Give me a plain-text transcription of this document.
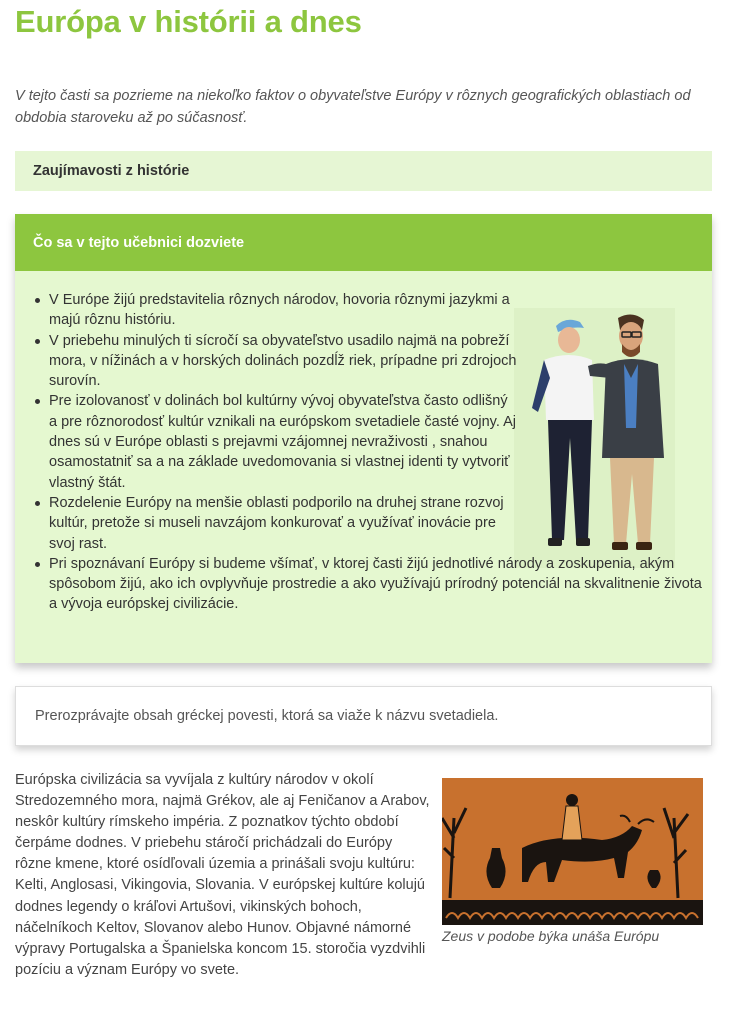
Európa v histórii a dnes

V tejto časti sa pozrieme na niekoľko faktov o obyvateľstve Európy v rôznych geografických oblastiach od obdobia staroveku až po súčasnosť.

Zaujímavosti z histórie
Čo sa v tejto učebnici dozviete
V Európe žijú predstavitelia rôznych národov, hovoria rôznymi jazykmi a majú rôznu históriu.
V priebehu minulých ti sícročí sa obyvateľstvo usadilo najmä na pobreží mora, v nížinách a v horských dolinách pozdĺž riek, prípadne pri zdrojoch surovín.
Pre izolovanosť v dolinách bol kultúrny vývoj obyvateľstva často odlišný a pre rôznorodosť kultúr vznikali na európskom svetadiele časté vojny. Aj dnes sú v Európe oblasti s prejavmi vzájomnej nevraživosti , snahou osamostatniť sa a na základe uvedomovania si vlastnej identi ty vytvoriť vlastný štát.
Rozdelenie Európy na menšie oblasti podporilo na druhej strane rozvoj kultúr, pretože si museli navzájom konkurovať a využívať inovácie pre svoj rast.
Pri spoznávaní Európy si budeme všímať, v ktorej časti žijú jednotlivé národy a zoskupenia, akým spôsobom žijú, ako ich ovplyvňuje prostredie a ako využívajú prírodný potenciál na skvalitnenie života a vývoja európskej civilizácie.
Prerozprávajte obsah gréckej povesti, ktorá sa viaže k názvu svetadiela.

Európska civilizácia sa vyvíjala z kultúry národov v okolí Stredozemného mora, najmä Grékov, ale aj Feničanov a Arabov, neskôr kultúry rímskeho impéria. Z poznatkov týchto období čerpáme dodnes. V priebehu stáročí prichádzali do Európy rôzne kmene, ktoré osídľovali územia a prinášali svoju kultúru: Kelti, Anglosasi, Vikingovia, Slovania. V európskej kultúre kolujú dodnes legendy o kráľovi Artušovi, vikinských bohoch, náčelníkoch Keltov, Slovanov alebo Hunov. Objavné námorné výpravy Portugalska a Španielska koncom 15. storočia vyzdvihli pozíciu a význam Európy vo svete.

Zeus v podobe býka unáša Európu
